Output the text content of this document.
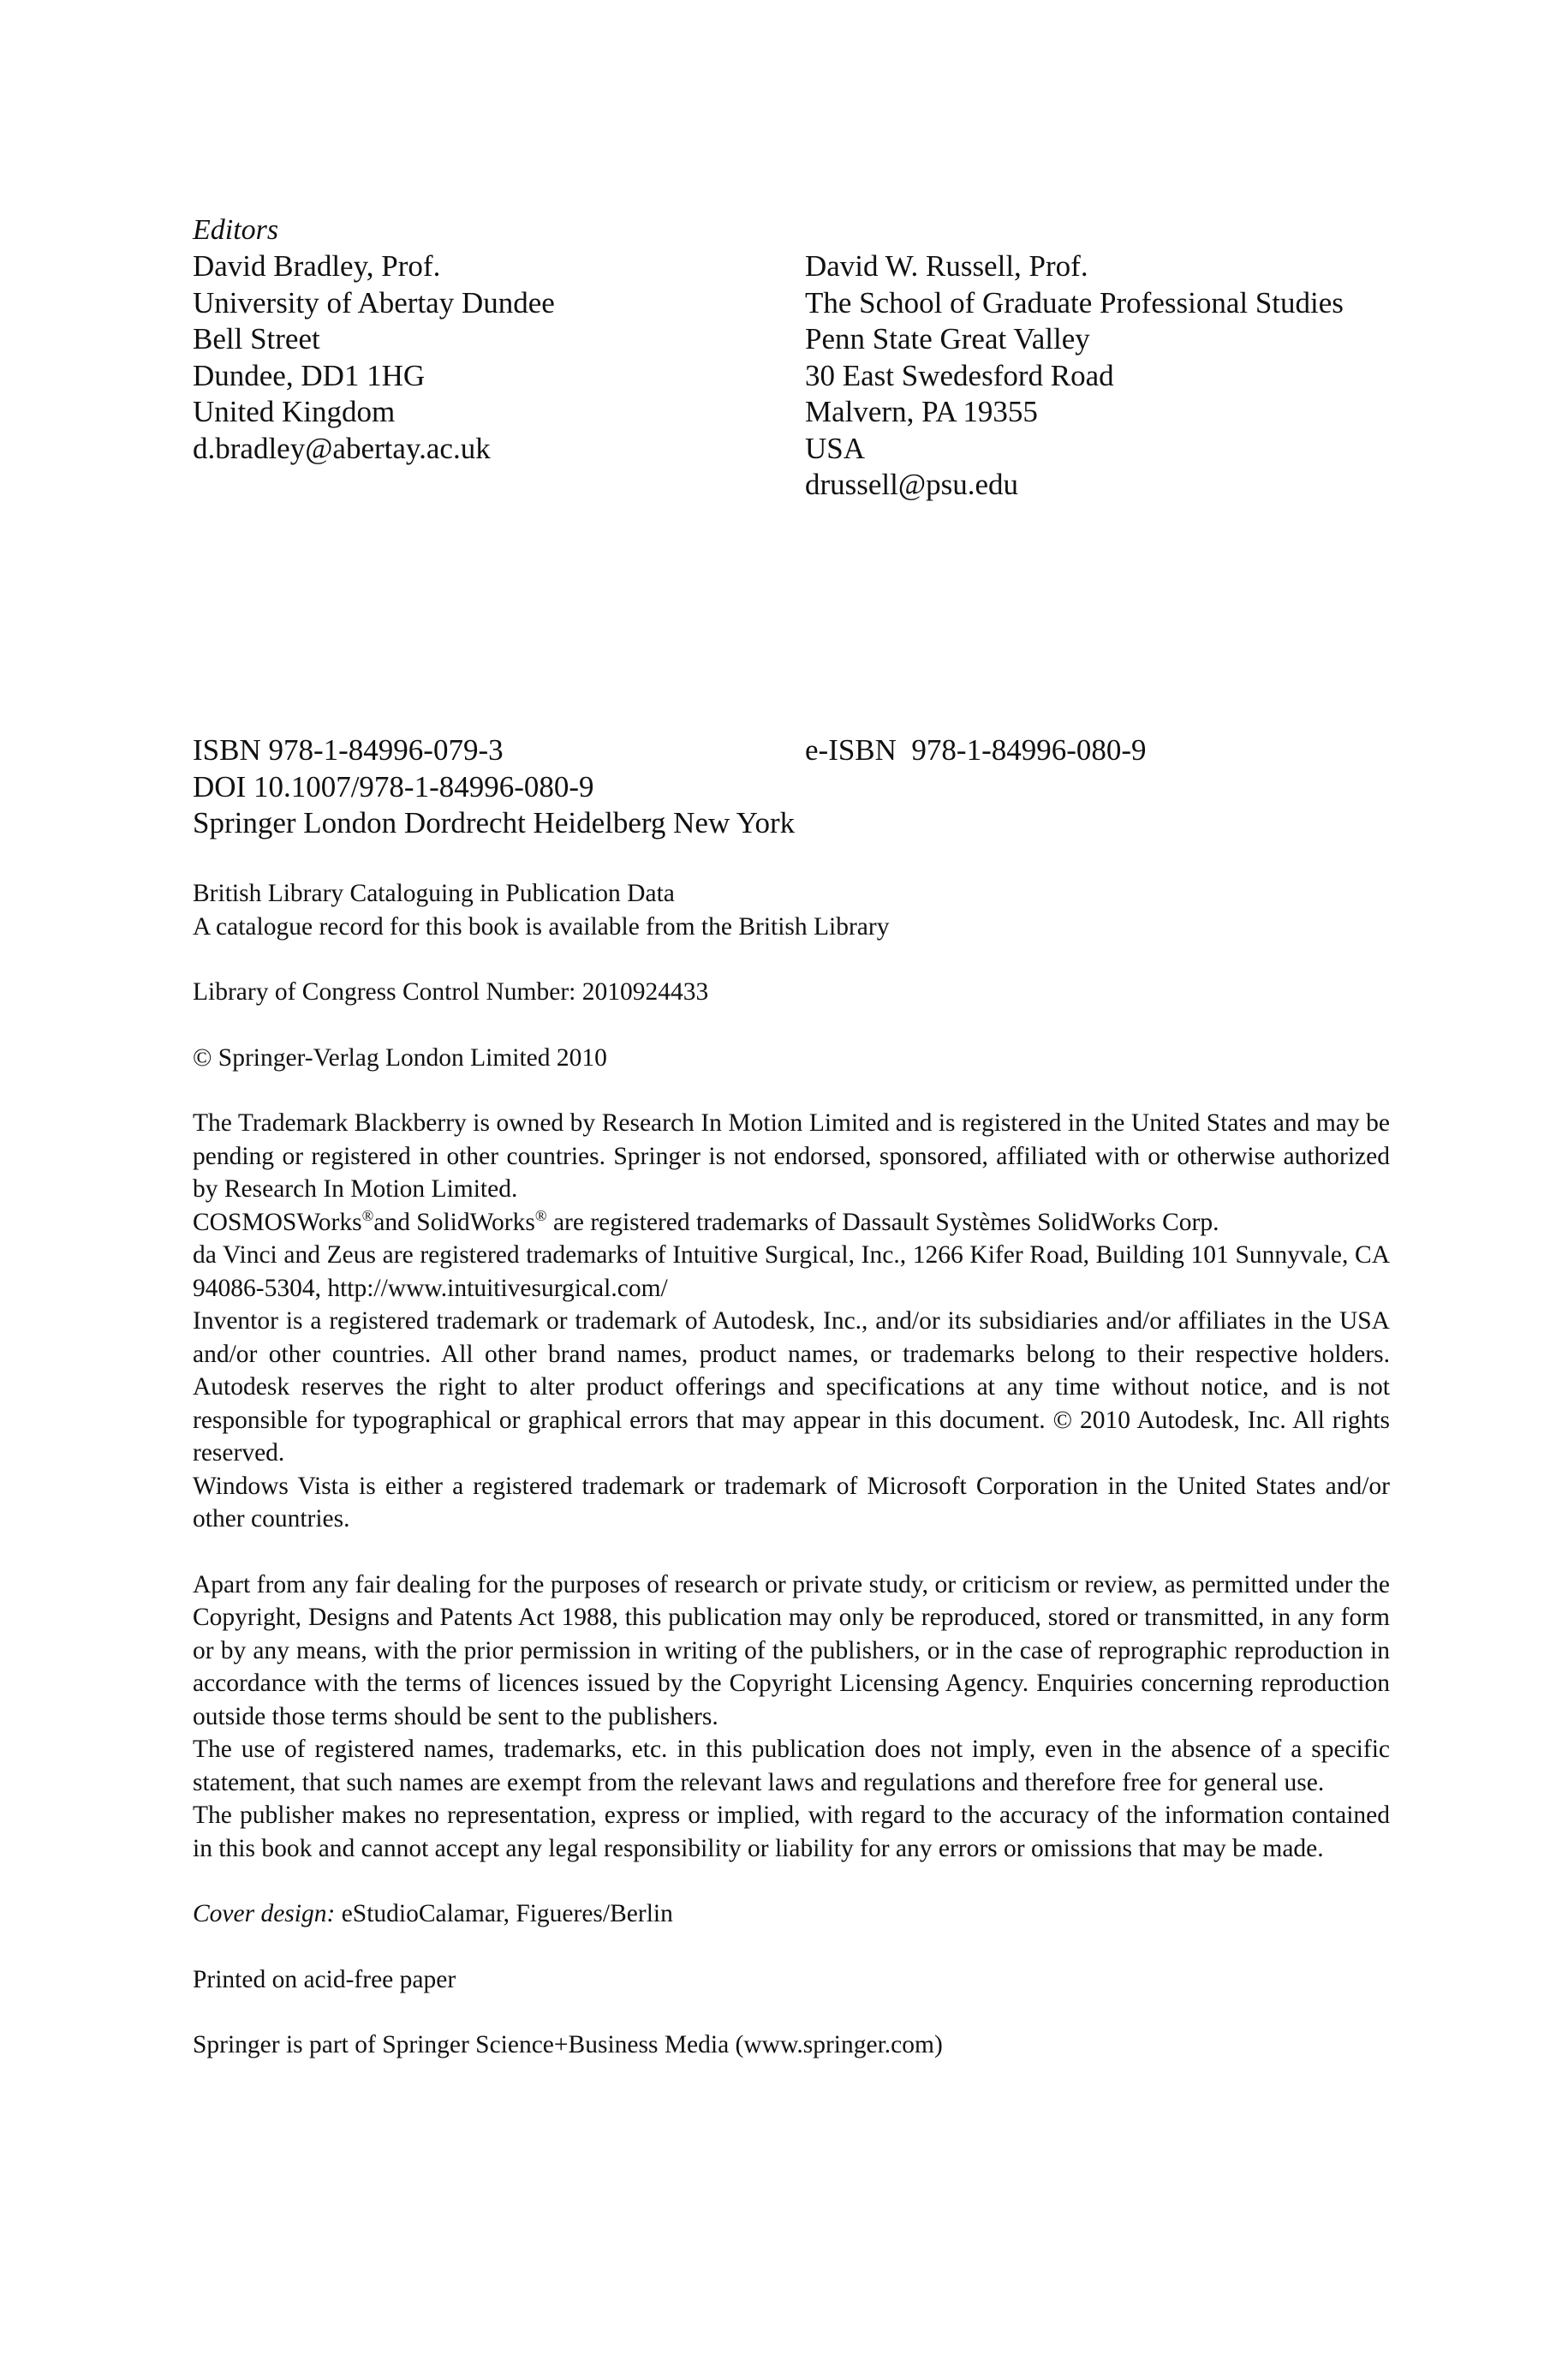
Editors

David Bradley, Prof.
University of Abertay Dundee
Bell Street
Dundee, DD1 1HG
United Kingdom
d.bradley@abertay.ac.uk
David W. Russell, Prof.
The School of Graduate Professional Studies
Penn State Great Valley
30 East Swedesford Road
Malvern, PA 19355
USA
drussell@psu.edu
ISBN 978-1-84996-079-3	e-ISBN  978-1-84996-080-9
DOI 10.1007/978-1-84996-080-9
Springer London Dordrecht Heidelberg New York

British Library Cataloguing in Publication Data

A catalogue record for this book is available from the British Library

Library of Congress Control Number: 2010924433

© Springer-Verlag London Limited 2010

The Trademark Blackberry is owned by Research In Motion Limited and is registered in the United States and may be pending or registered in other countries. Springer is not endorsed, sponsored, affiliated with or otherwise authorized by Research In Motion Limited.

COSMOSWorks®and SolidWorks® are registered trademarks of Dassault Systèmes SolidWorks Corp.

da Vinci and Zeus are registered trademarks of Intuitive Surgical, Inc., 1266 Kifer Road, Building 101 Sunnyvale, CA 94086-5304, http://www.intuitivesurgical.com/

Inventor is a registered trademark or trademark of Autodesk, Inc., and/or its subsidiaries and/or affiliates in the USA and/or other countries. All other brand names, product names, or trademarks belong to their respective holders. Autodesk reserves the right to alter product offerings and specifications at any time without notice, and is not responsible for typographical or graphical errors that may appear in this document. © 2010 Autodesk, Inc. All rights reserved.

Windows Vista is either a registered trademark or trademark of Microsoft Corporation in the United States and/or other countries.

Apart from any fair dealing for the purposes of research or private study, or criticism or review, as permitted under the Copyright, Designs and Patents Act 1988, this publication may only be reproduced, stored or transmitted, in any form or by any means, with the prior permission in writing of the publishers, or in the case of reprographic reproduction in accordance with the terms of licences issued by the Copyright Licensing Agency. Enquiries concerning reproduction outside those terms should be sent to the publishers.

The use of registered names, trademarks, etc. in this publication does not imply, even in the absence of a specific statement, that such names are exempt from the relevant laws and regulations and therefore free for general use.

The publisher makes no representation, express or implied, with regard to the accuracy of the information contained in this book and cannot accept any legal responsibility or liability for any errors or omissions that may be made.

Cover design: eStudioCalamar, Figueres/Berlin

Printed on acid-free paper

Springer is part of Springer Science+Business Media (www.springer.com)
